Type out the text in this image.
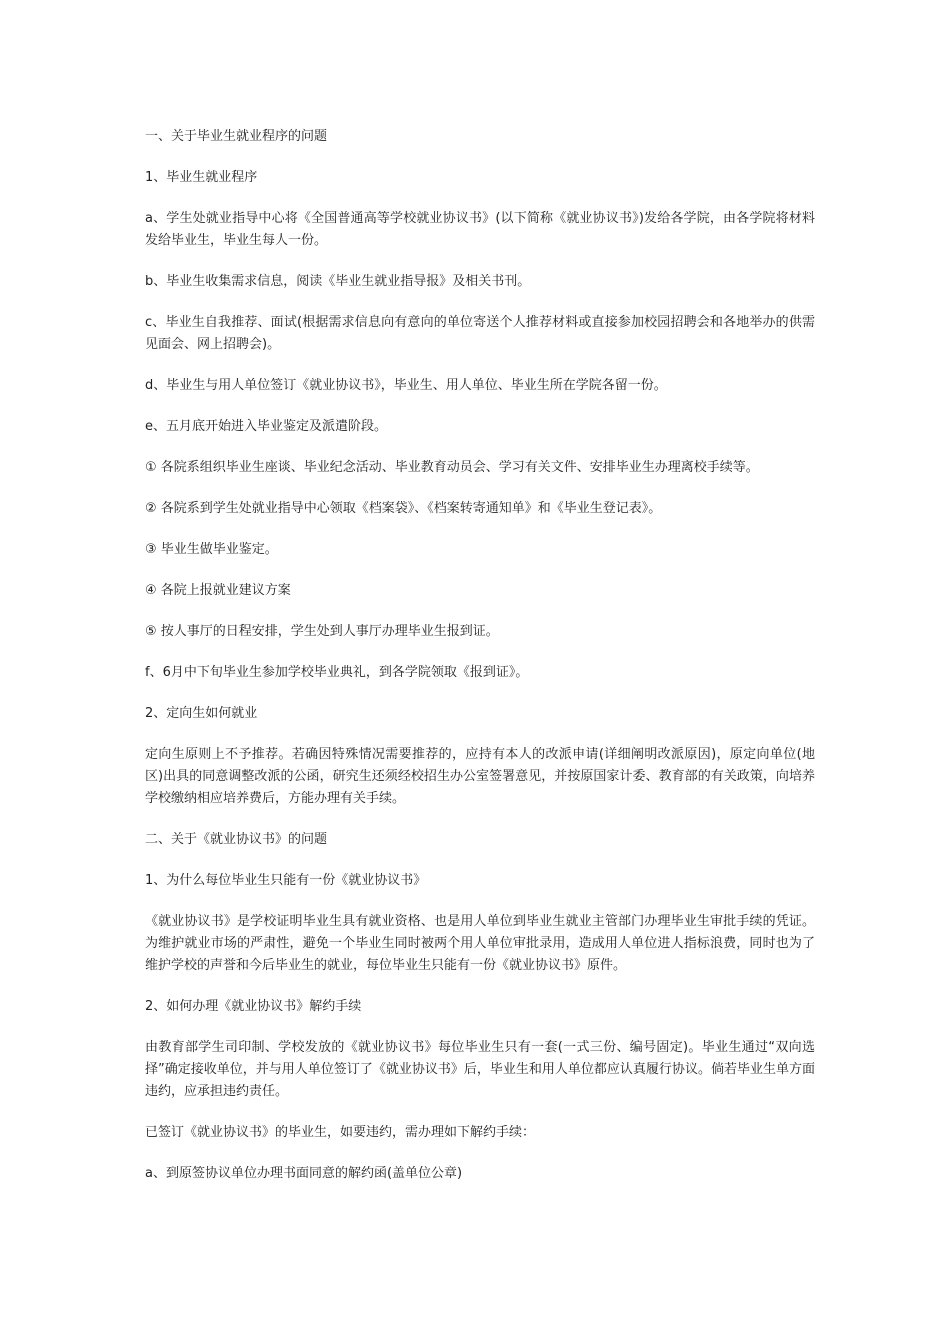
一、关于毕业生就业程序的问题

1、毕业生就业程序

a、学生处就业指导中心将《全国普通高等学校就业协议书》(以下简称《就业协议书》)发给各学院，由各学院将材料发给毕业生，毕业生每人一份。

b、毕业生收集需求信息，阅读《毕业生就业指导报》及相关书刊。

c、毕业生自我推荐、面试(根据需求信息向有意向的单位寄送个人推荐材料或直接参加校园招聘会和各地举办的供需见面会、网上招聘会)。

d、毕业生与用人单位签订《就业协议书》，毕业生、用人单位、毕业生所在学院各留一份。

e、五月底开始进入毕业鉴定及派遣阶段。

① 各院系组织毕业生座谈、毕业纪念活动、毕业教育动员会、学习有关文件、安排毕业生办理离校手续等。

② 各院系到学生处就业指导中心领取《档案袋》、《档案转寄通知单》和《毕业生登记表》。

③ 毕业生做毕业鉴定。

④ 各院上报就业建议方案

⑤ 按人事厅的日程安排，学生处到人事厅办理毕业生报到证。

f、6月中下旬毕业生参加学校毕业典礼，到各学院领取《报到证》。

2、定向生如何就业

定向生原则上不予推荐。若确因特殊情况需要推荐的，应持有本人的改派申请(详细阐明改派原因)，原定向单位(地区)出具的同意调整改派的公函，研究生还须经校招生办公室签署意见，并按原国家计委、教育部的有关政策，向培养学校缴纳相应培养费后，方能办理有关手续。

二、关于《就业协议书》的问题

1、为什么每位毕业生只能有一份《就业协议书》

《就业协议书》是学校证明毕业生具有就业资格、也是用人单位到毕业生就业主管部门办理毕业生审批手续的凭证。为维护就业市场的严肃性，避免一个毕业生同时被两个用人单位审批录用，造成用人单位进人指标浪费，同时也为了维护学校的声誉和今后毕业生的就业，每位毕业生只能有一份《就业协议书》原件。

2、如何办理《就业协议书》解约手续

由教育部学生司印制、学校发放的《就业协议书》每位毕业生只有一套(一式三份、编号固定)。毕业生通过“双向选择”确定接收单位，并与用人单位签订了《就业协议书》后，毕业生和用人单位都应认真履行协议。倘若毕业生单方面违约，应承担违约责任。

已签订《就业协议书》的毕业生，如要违约，需办理如下解约手续：

a、到原签协议单位办理书面同意的解约函(盖单位公章)
